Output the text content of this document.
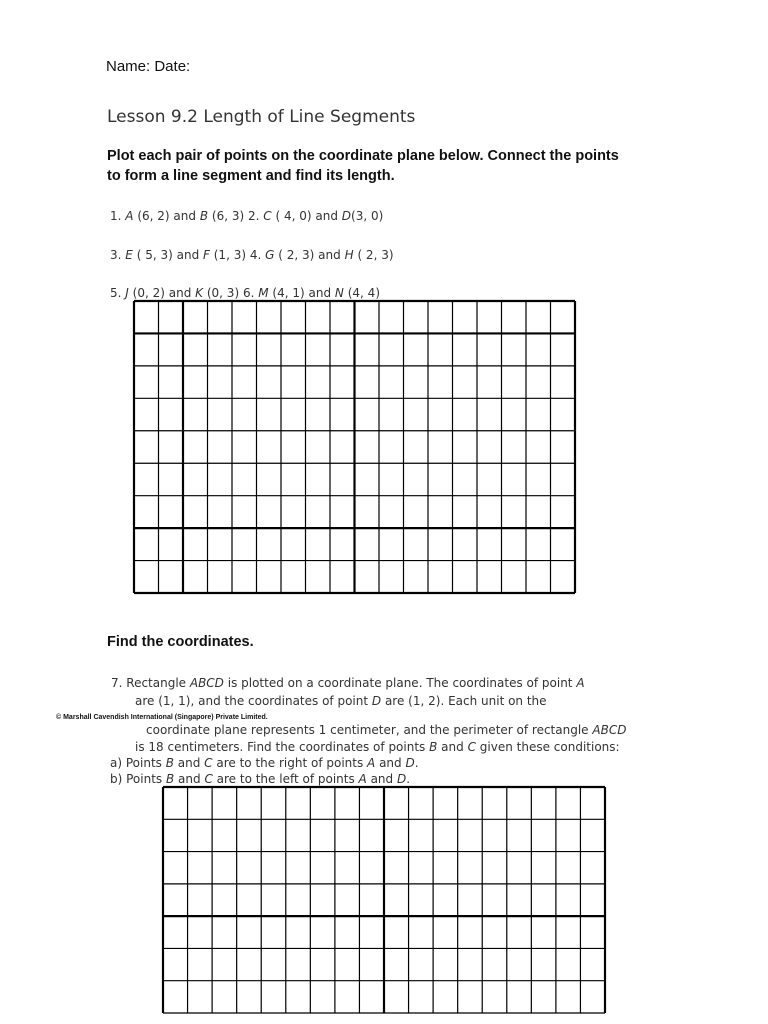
Name: Date:
Lesson 9.2 Length of Line Segments
Plot each pair of points on the coordinate plane below. Connect the points
to form a line segment and find its length.
1. A (6, 2) and B (6, 3) 2. C ( 4, 0) and D(3, 0)
3. E ( 5, 3) and F (1, 3) 4. G ( 2, 3) and H ( 2, 3)
5. J (0, 2) and K (0, 3) 6. M (4, 1) and N (4, 4)
Find the coordinates.
7. Rectangle ABCD is plotted on a coordinate plane. The coordinates of point A
are (1, 1), and the coordinates of point D are (1, 2). Each unit on the
© Marshall Cavendish International (Singapore) Private Limited.
coordinate plane represents 1 centimeter, and the perimeter of rectangle ABCD
is 18 centimeters. Find the coordinates of points B and C given these conditions:
a) Points B and C are to the right of points A and D.
b) Points B and C are to the left of points A and D.
